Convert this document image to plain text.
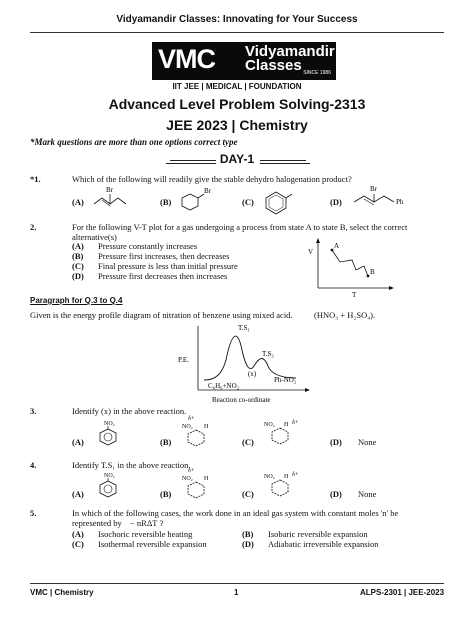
Vidyamandir Classes: Innovating for Your Success
VMC Vidyamandir
Classes SINCE 1986
IIT JEE | MEDICAL | FOUNDATION
Advanced Level Problem Solving-2313
JEE 2023 | Chemistry
*Mark questions are more than one options correct type
DAY-1
*1.	Which of the following will readily give the stable dehydro halogenation product?
(A)	(B)	(C)	(D)
Br	Br	Br
Ph
2.	For the following V-T plot for a gas undergoing a process from state A to state B, select the correct
alternative(s)
(A) Pressure constantly increases
(B) Pressure first increases, then decreases
(C) Final pressure is less than initial pressure
(D) Pressure first decreases then increases
V
T
A
B
Paragraph for Q.3 to Q.4
Given is the energy profile diagram of nitration of benzene using mixed acid.	(HNO₃ + H₂SO₄).
P.E.
Reaction co-ordinate
T.S₁
T.S₂
(x)
Ph-NO₂
C₆H₆+NO₂
3.	Identify (x) in the above reaction.
(A)	(B)	(C)	(D) None
NO₂
δ+
NO₂ H	NO₂ H δ+
4.	Identify T.S₁ in the above reaction.
(A)	(B)	(C)	(D) None
NO₂
δ+
NO₂ H	NO₂ H δ+
5.	In which of the following cases, the work done in an ideal gas system with constant moles 'n' be
represented by − nRΔT ?
(A) Isochoric reversible heating	(B) Isobaric reversible expansion
(C) Isothermal reversible expansion	(D) Adiabatic irreversible expansion
VMC | Chemistry	1	ALPS-2301 | JEE-2023
